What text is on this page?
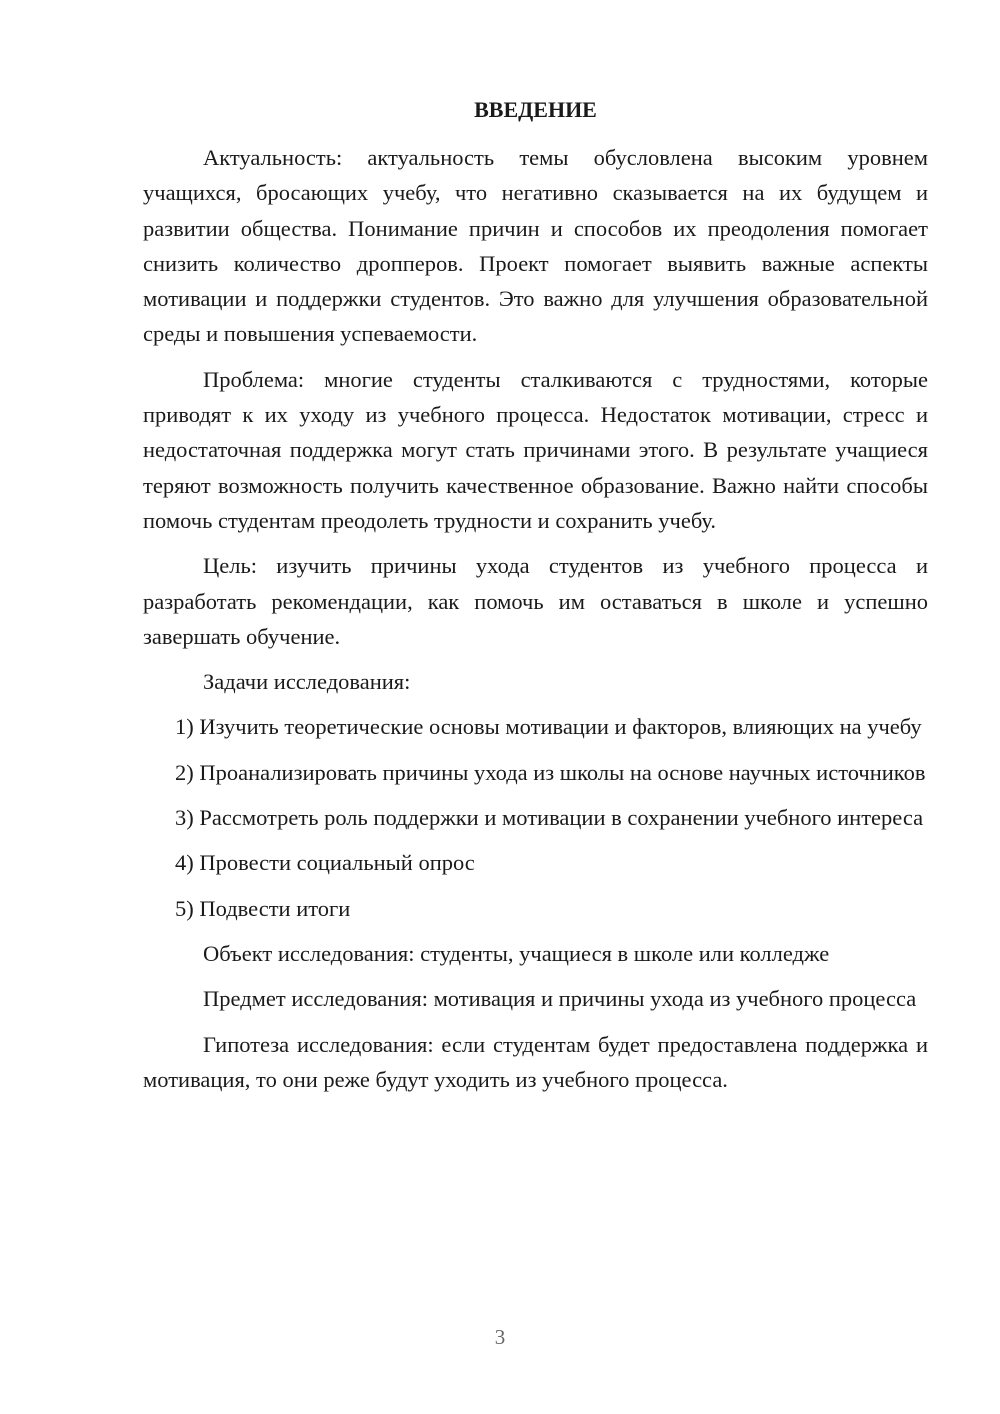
ВВЕДЕНИЕ

Актуальность: актуальность темы обусловлена высоким уровнем учащихся, бросающих учебу, что негативно сказывается на их будущем и развитии общества. Понимание причин и способов их преодоления помогает снизить количество дропперов. Проект помогает выявить важные аспекты мотивации и поддержки студентов. Это важно для улучшения образовательной среды и повышения успеваемости.

Проблема: многие студенты сталкиваются с трудностями, которые приводят к их уходу из учебного процесса. Недостаток мотивации, стресс и недостаточная поддержка могут стать причинами этого. В результате учащиеся теряют возможность получить качественное образование. Важно найти способы помочь студентам преодолеть трудности и сохранить учебу.

Цель: изучить причины ухода студентов из учебного процесса и разработать рекомендации, как помочь им оставаться в школе и успешно завершать обучение.

Задачи исследования:

1) Изучить теоретические основы мотивации и факторов, влияющих на учебу

2) Проанализировать причины ухода из школы на основе научных источников

3) Рассмотреть роль поддержки и мотивации в сохранении учебного интереса

4) Провести социальный опрос

5) Подвести итоги

Объект исследования: студенты, учащиеся в школе или колледже

Предмет исследования: мотивация и причины ухода из учебного процесса

Гипотеза исследования: если студентам будет предоставлена поддержка и мотивация, то они реже будут уходить из учебного процесса.

3
